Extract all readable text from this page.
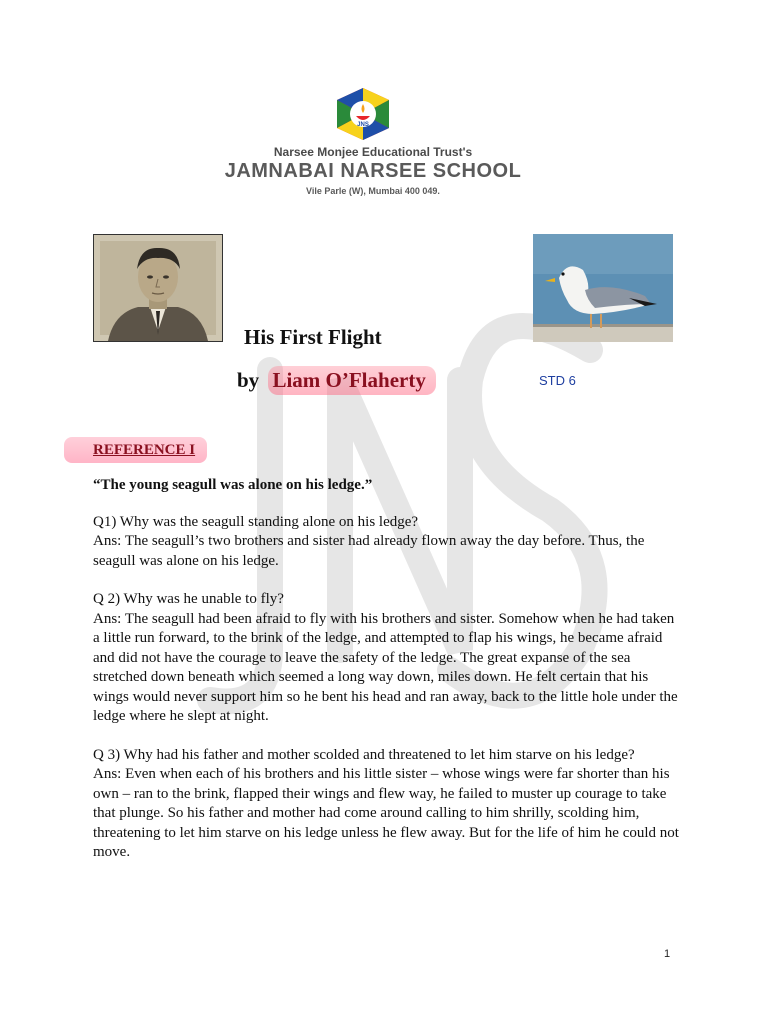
JNS
Narsee Monjee Educational Trust's
JAMNABAI NARSEE SCHOOL
Vile Parle (W), Mumbai 400 049.
His First Flight
by Liam O’Flaherty	STD 6
REFERENCE I

“The young seagull was alone on his ledge.”

Q1) Why was the seagull standing alone on his ledge?

Ans: The seagull’s two brothers and sister had already flown away the day before. Thus, the seagull was alone on his ledge.

Q 2) Why was he unable to fly?

Ans: The seagull had been afraid to fly with his brothers and sister. Somehow when he had taken a little run forward, to the brink of the ledge, and attempted to flap his wings, he became afraid and did not have the courage to leave the safety of the ledge. The great expanse of the sea stretched down beneath which seemed a long way down, miles down. He felt certain that his wings would never support him so he bent his head and ran away, back to the little hole under the ledge where he slept at night.

Q 3) Why had his father and mother scolded and threatened to let him starve on his ledge?

Ans: Even when each of his brothers and his little sister – whose wings were far shorter than his own – ran to the brink, flapped their wings and flew way, he failed to muster up courage to take that plunge. So his father and mother had come around calling to him shrilly, scolding him, threatening to let him starve on his ledge unless he flew away. But for the life of him he could not move.

1
